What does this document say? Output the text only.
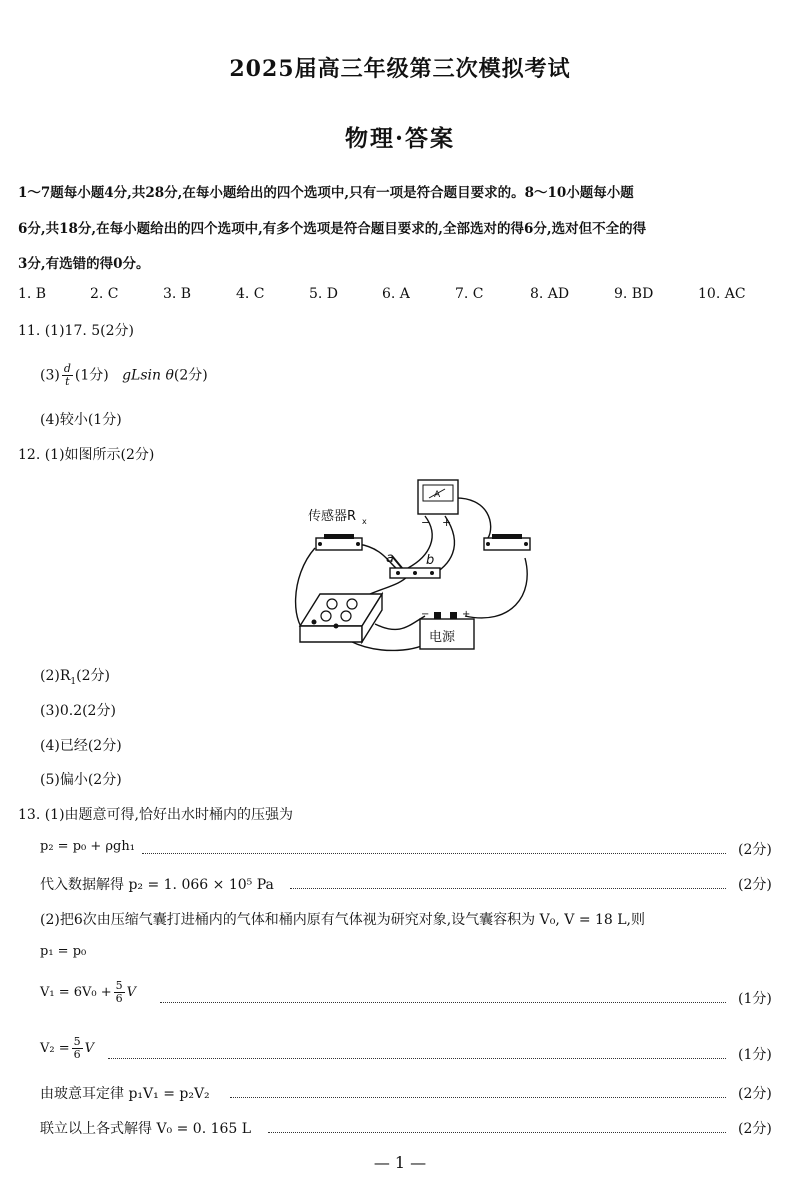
2025届高三年级第三次模拟考试
物理·答案
1～7题每小题4分,共28分,在每小题给出的四个选项中,只有一项是符合题目要求的。8～10小题每小题
6分,共18分,在每小题给出的四个选项中,有多个选项是符合题目要求的,全部选对的得6分,选对但不全的得
3分,有选错的得0分。
1. B	2. C	3. B	4. C	5. D	6. A	7. C	8. AD	9. BD	10. AC
11. (1)17. 5(2分)
$(3) \frac{d}{t} (1$分) gLsin θ(2分)
(4)较小(1分)
12. (1)如图所示(2分)
传感器R x
A
− +
a b
−	+
电源
$(2)R_1(2$分)
(3)0.2(2分)
(4)已经(2分)
(5)偏小(2分)
13. (1)由题意可得,恰好出水时桶内的压强为
p₂ = p₀ + ρgh₁	(2分)
代入数据解得 p₂ = 1. 066 × 10⁵ Pa	(2分)
(2)把6次由压缩气囊打进桶内的气体和桶内原有气体视为研究对象,设气囊容积为 V₀, V = 18 L,则
p₁ = p₀
$V_1 = 6V_0 + \frac{5}{6}$ V	(1分)
$V_2 = \frac{5}{6}$ V	(1分)
由玻意耳定律 p₁V₁ = p₂V₂	(2分)
联立以上各式解得 V₀ = 0. 165 L	(2分)
— 1 —
